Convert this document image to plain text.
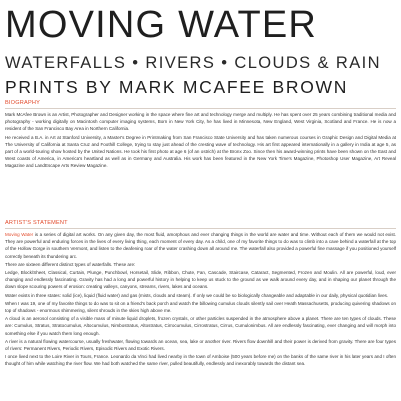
MOVING WATER
WATERFALLS • RIVERS • CLOUDS & RAIN
PRINTS BY MARK MCAFEE BROWN
BIOGRAPHY

Mark McAfee Brown is an Artist, Photographer and Designer working in the space where fine art and technology merge and multiply. He has spent over 25 years combining traditional media and photography - working digitally on Macintosh computer imaging systems, Born in New York City, he has lived in Minnesota, New England, West Virginia, Scotland and France. He is now a resident of the San Francisco Bay Area in Northern California.

He received a B.A. in Art at Stanford University, a Master's Degree in Printmaking from San Francisco State University and has taken numerous courses in Graphic Design and Digital Media at The University of California at Santa Cruz and Foothill College, trying to stay just ahead of the cresting wave of technology. His art first appeared internationally in a gallery in India at age 5, as part of a world-touring show hosted by the United Nations. He took his first photo at age 6 (of an ostrich) at the Bronx Zoo. Since then his award-winning prints have been shown on the East and West coasts of America, in America's heartland as well as in Germany and Australia. His work has been featured in the New York Time's Magazine, Photoshop User Magazine, Art Reveal Magazine and LandEscape Arts Review Magazine.

ARTIST'S STATEMENT

Moving Water is a series of digital art works. On any given day, the most fluid, amorphous and ever changing things in the world are water and time. Without each of them we would not exist. They are powerful and enduring forces in the lives of every living thing, each moment of every day. As a child, one of my favorite things to do was to climb into a cave behind a waterfall at the top of the Hollow Gorge in southern Vermont, and listen to the deafening roar of the water crashing down all around me. The waterfall also provided a powerful fine massage if you positioned yourself correctly beneath its thundering arc.

There are sixteen different distinct types of waterfalls. These are:

Ledge, Block/Sheet, Classical, Curtain, Plunge, Punchbowl, Horsetail, Slide, Ribbon, Chute, Fan, Cascade, Staircase, Cataract, Segmented, Frozen and Moulin. All are powerful, loud, ever changing and endlessly fascinating. Gravity has had a long and powerful history in helping to keep us stuck to the ground as we walk around every day, and in shaping our planet through the down slope scouring powers of erosion: creating valleys, canyons, streams, rivers, lakes and oceans.

Water exists in three states: solid (ice), liquid (fluid water) and gas (mists, clouds and steam). If only we could be so biologically changeable and adaptable in our daily, physical quotidian lives.

When I was 19, one of my favorite things to do was to sit on a friend's back porch and watch the billowing cumulus clouds silently sail over Heath Massachusetts, producing quivering shadows on top of shadows - enormous shimmering, silent shrouds in the skies high above me.

A cloud is an aerosol consisting of a visible mass of minute liquid droplets, frozen crystals, or other particles suspended in the atmosphere above a planet. There are ten types of clouds. These are: Cumulus, Stratus, Stratocumulus, Altocumulus, Nimbostratus, Altostratus, Cirrocumulus, Cirrostratus, Cirrus, Cumulonimbus. All are endlessly fascinating, ever changing and will morph into something else if you watch them long enough.

A river is a natural flowing watercourse, usually freshwater, flowing towards an ocean, sea, lake or another river. Rivers flow downhill and their power is derived from gravity. There are four types of rivers: Permanent Rivers, Periodic Rivers, Episodic Rivers and Exotic Rivers.

I once lived next to the Loire River in Tours, France. Leonardo da Vinci had lived nearby in the town of Amboise (500 years before me) on the banks of the same river in his later years and I often thought of him while watching the river flow. We had both watched the same river, pulled beautifully, endlessly and inexorably towards the distant sea.
